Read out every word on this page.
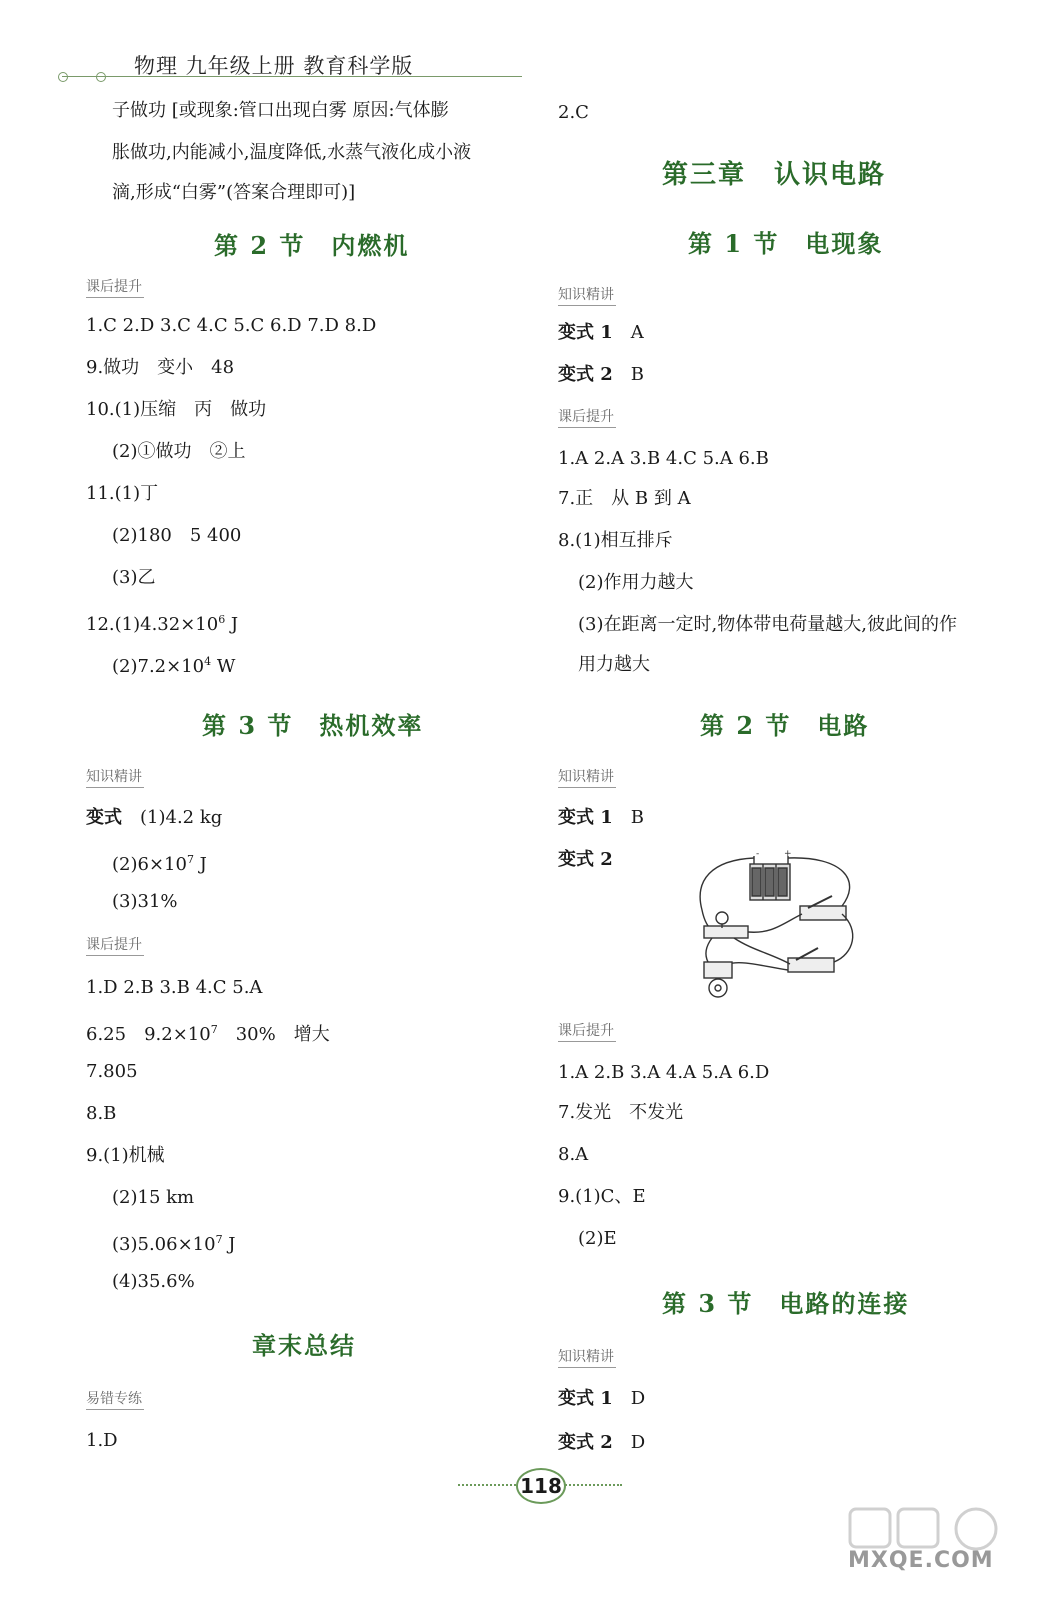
物理 九年级上册 教育科学版
子做功 [或现象:管口出现白雾 原因:气体膨
胀做功,内能减小,温度降低,水蒸气液化成小液
滴,形成“白雾”(答案合理即可)]
第 2 节　内燃机
课后提升
1.C 2.D 3.C 4.C 5.C 6.D 7.D 8.D
9.做功　变小　48
10.(1)压缩　丙　做功
(2)①做功　②上
11.(1)丁
(2)180　5 400
(3)乙
$12.(1)4.32\times 10^6$ J
$(2)7.2\times 10^4$ W
第 3 节　热机效率
知识精讲
变式　 (1)4.2 kg
$(2)6\times 10^7$ J
(3)31%
课后提升
1.D 2.B 3.B 4.C 5.A
6.25　$9.2\times 10^7$　30%　增大
7.805
8.B
9.(1)机械
(2)15 km
$(3)5.06\times 10^7$ J
(4)35.6%
章末总结
易错专练
1.D
2.C
第三章　认识电路
第 1 节　电现象
知识精讲
变式 1　 A
变式 2　 B
课后提升
1.A 2.A 3.B 4.C 5.A 6.B
7.正　从 B 到 A
8.(1)相互排斥
(2)作用力越大
(3)在距离一定时,物体带电荷量越大,彼此间的作
用力越大
第 2 节　电路
知识精讲
变式 1　 B
变式 2	-	+
课后提升
1.A 2.B 3.A 4.A 5.A 6.D
7.发光　不发光
8.A
9.(1)C、E
(2)E
第 3 节　电路的连接
知识精讲
变式 1　 D
变式 2　 D
118
MXQE.COM
